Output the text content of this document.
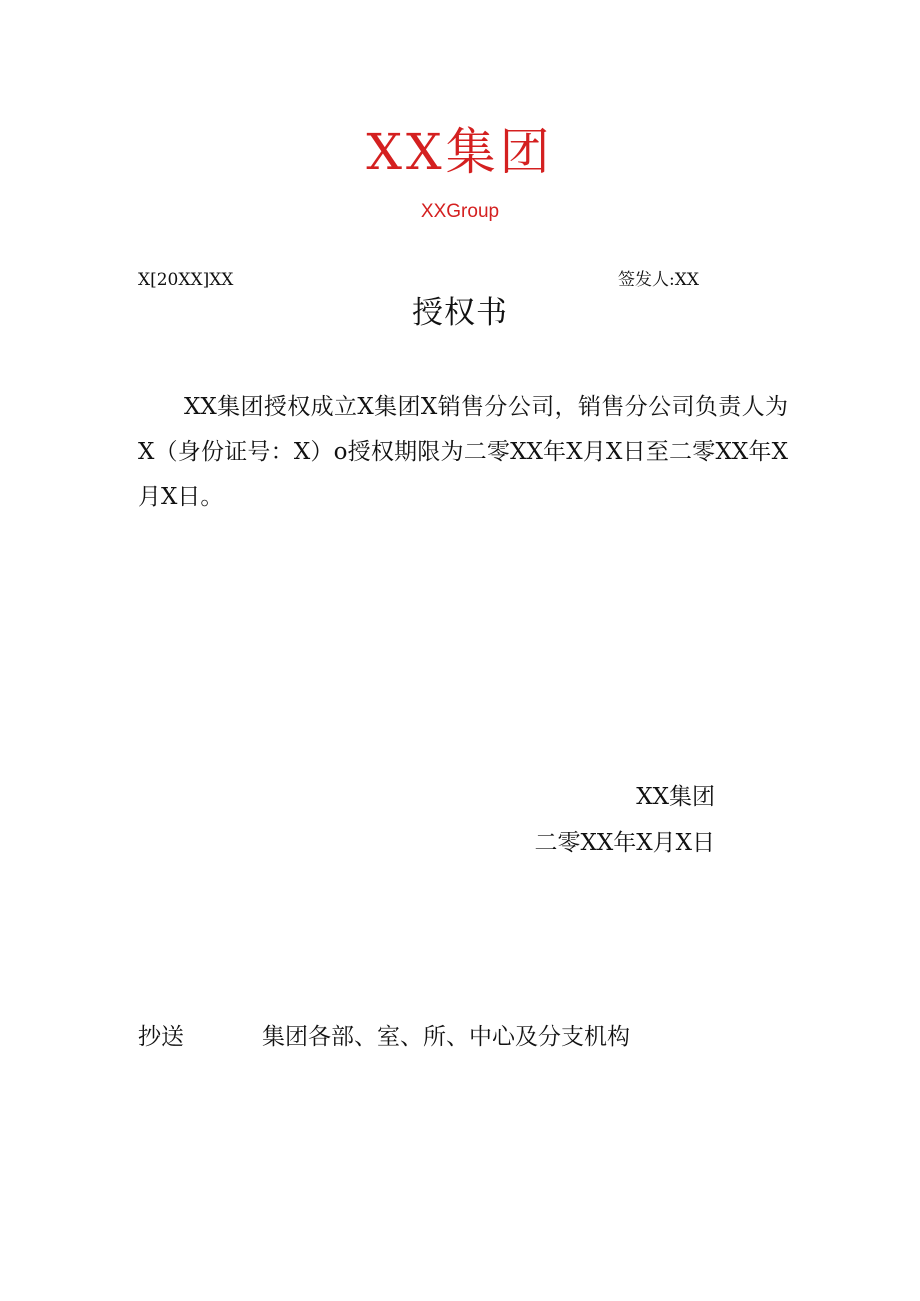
XX集团
XXGroup
X[20XX]XX	签发人:XX
授权书
XX集团授权成立X集团X销售分公司，销售分公司负责人为X（身份证号：X）o授权期限为二零XX年X月X日至二零XX年X月X日。
XX集团
二零XX年X月X日
抄送	集团各部、室、所、中心及分支机构
